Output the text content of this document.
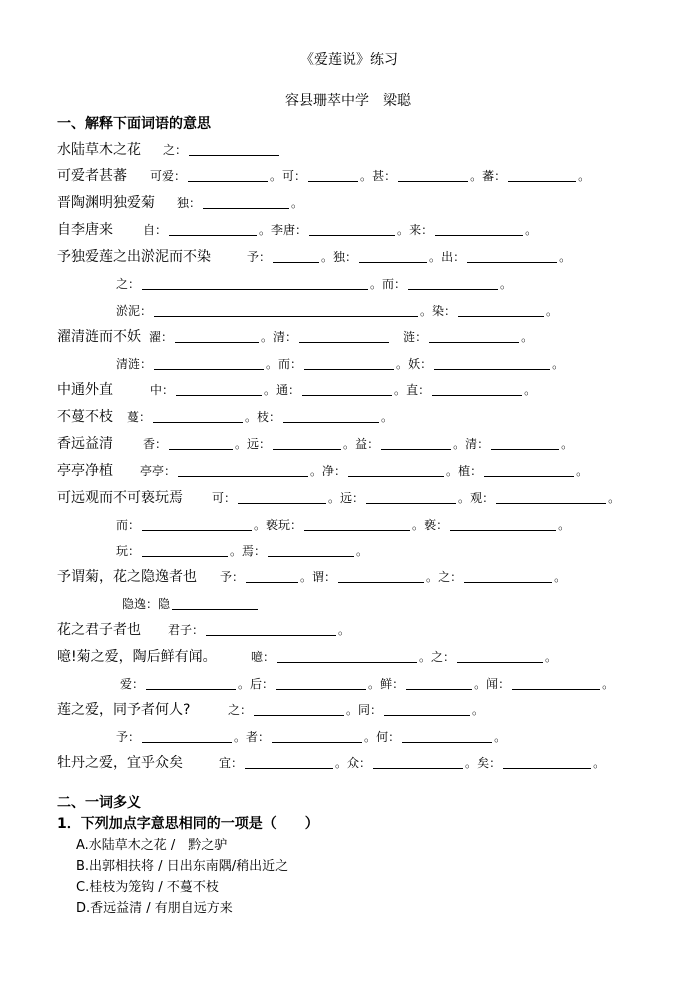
《爱莲说》练习
容县珊萃中学　梁聪
一、解释下面词语的意思
水陆草木之花 之：
可爱者甚蕃 可爱：	。可：	。甚：	。蕃：	。
晋陶渊明独爱菊 独：	。
自李唐来	自：	。李唐：	。来：	。
予独爱莲之出淤泥而不染	予：	。独：	。出：	。
之：	。而：	。
淤泥：	。染：	。
濯清涟而不妖 濯：	。清：　	涟：	。
清涟：	。而：	。妖：	。
中通外直	中：	。通：	。直：	。
不蔓不枝 蔓：	。枝：	。
香远益清	香：	。远：	。益：	。清：	。
亭亭净植 亭亭：	。净：	。植：	。
可远观而不可亵玩焉 可：	。远：	。观：	。
而：	。亵玩：	。亵：	。
玩：	。焉：	。
予谓菊，花之隐逸者也 予：	。谓：	。之：	。
隐逸：隐
花之君子者也 君子：	。
噫!菊之爱，陶后鲜有闻。	噫：	。之：	。
爱：	。后：	。鲜：	。闻：	。
莲之爱，同予者何人?	之：	。同：	。
予：	。者：	。何：	。
牡丹之爱，宜乎众矣	宜：	。众：	。矣：	。
二、一词多义
1．下列加点字意思相同的一项是（　　）
A.水陆草木之花 /　黔之驴
B.出郭相扶将 / 日出东南隅/稍出近之
C.桂枝为笼钩 / 不蔓不枝
D.香远益清 / 有朋自远方来
